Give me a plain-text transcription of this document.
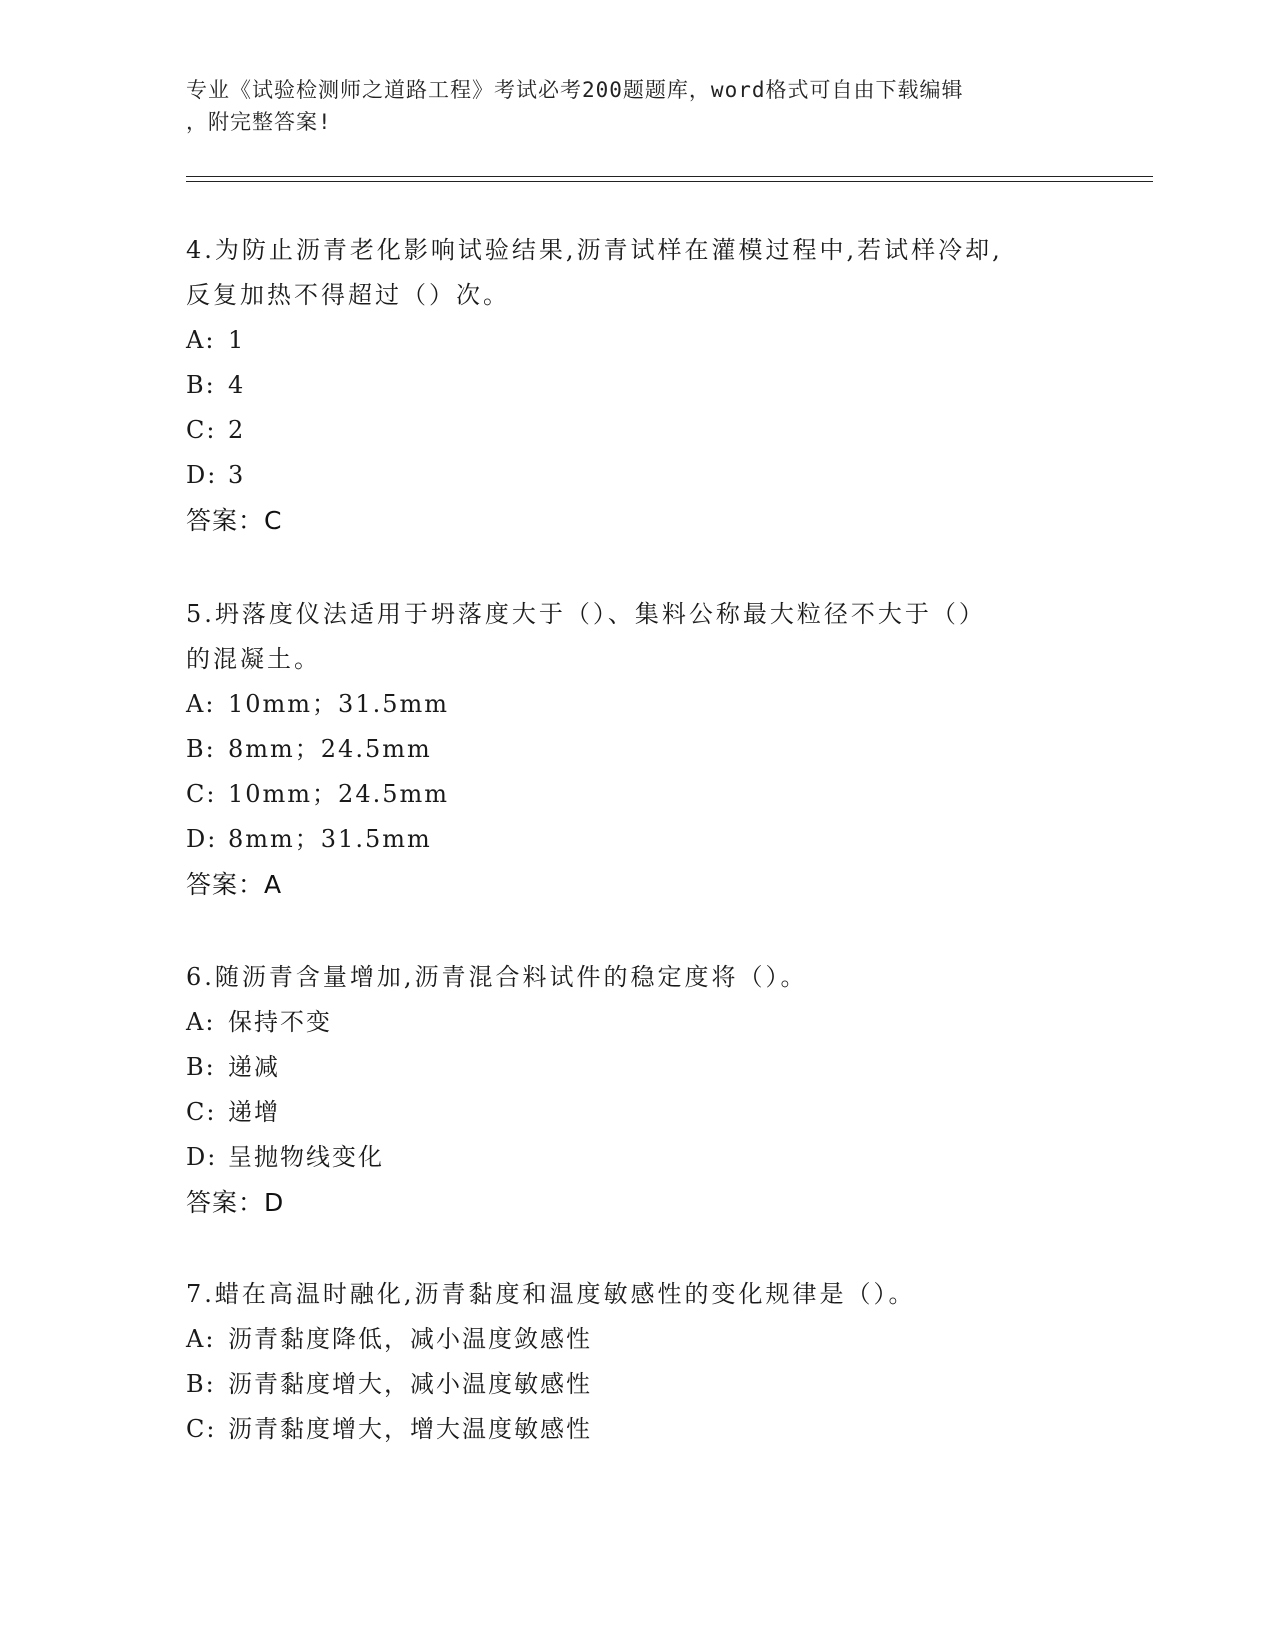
专业《试验检测师之道路工程》考试必考200题题库，word格式可自由下载编辑
，附完整答案!

4.为防止沥青老化影响试验结果,沥青试样在灌模过程中,若试样冷却,

反复加热不得超过（）次。

A: 1

B: 4

C: 2

D: 3

答案：C

5.坍落度仪法适用于坍落度大于（）、集料公称最大粒径不大于（）

的混凝土。

A: 10mm；31.5mm

B: 8mm；24.5mm

C: 10mm；24.5mm

D: 8mm；31.5mm

答案：A

6.随沥青含量增加,沥青混合料试件的稳定度将（）。

A: 保持不变

B: 递减

C: 递增

D: 呈抛物线变化

答案：D

7.蜡在高温时融化,沥青黏度和温度敏感性的变化规律是（）。

A: 沥青黏度降低，减小温度敛感性

B: 沥青黏度增大，减小温度敏感性

C: 沥青黏度增大，增大温度敏感性
